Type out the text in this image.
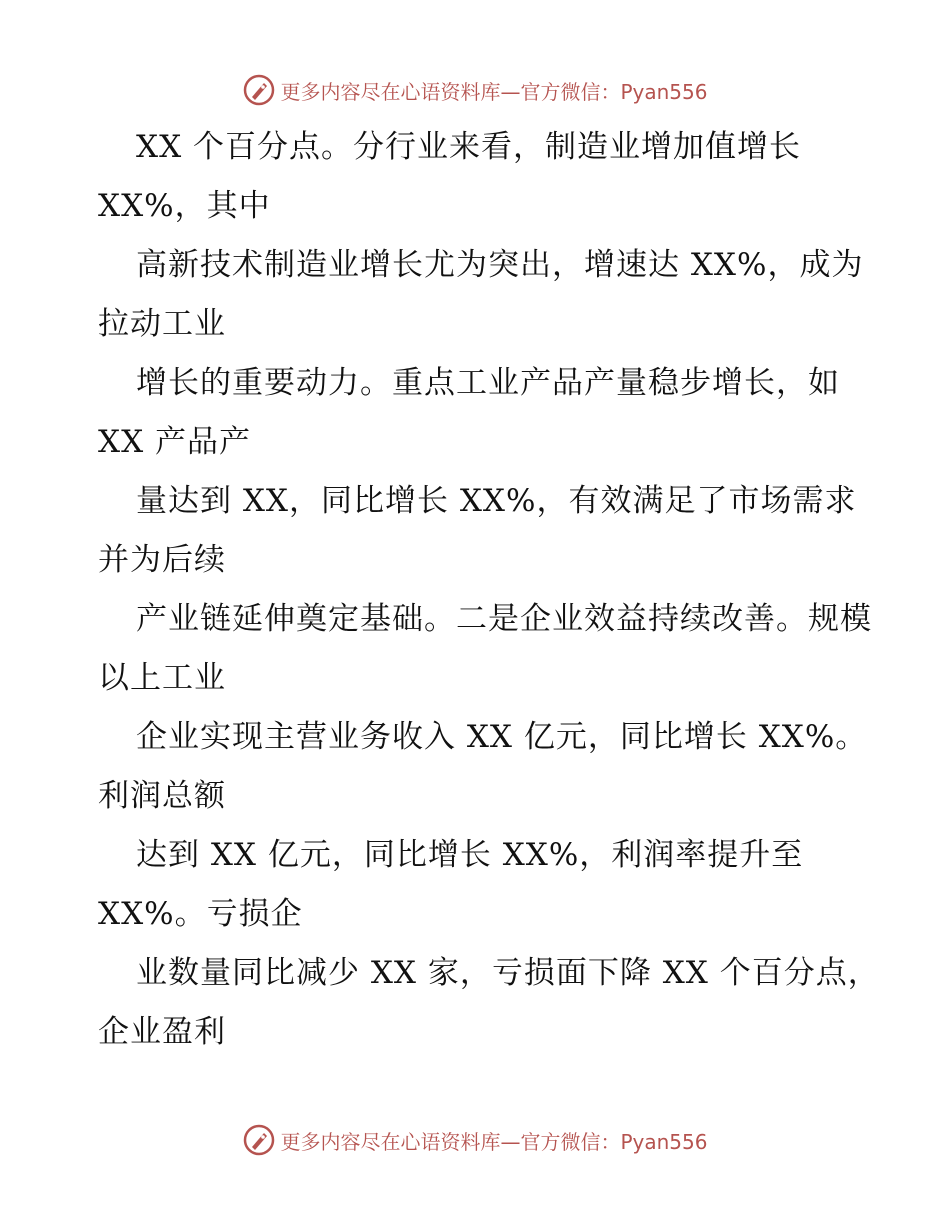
更多内容尽在心语资料库—官方微信：Pyan556

XX 个百分点。分行业来看，制造业增加值增长 XX%，其中

高新技术制造业增长尤为突出，增速达 XX%，成为拉动工业

增长的重要动力。重点工业产品产量稳步增长，如 XX 产品产

量达到 XX，同比增长 XX%，有效满足了市场需求并为后续

产业链延伸奠定基础。二是企业效益持续改善。规模以上工业

企业实现主营业务收入 XX 亿元，同比增长 XX%。利润总额

达到 XX 亿元，同比增长 XX%，利润率提升至 XX%。亏损企

业数量同比减少 XX 家，亏损面下降 XX 个百分点，企业盈利

更多内容尽在心语资料库—官方微信：Pyan556
